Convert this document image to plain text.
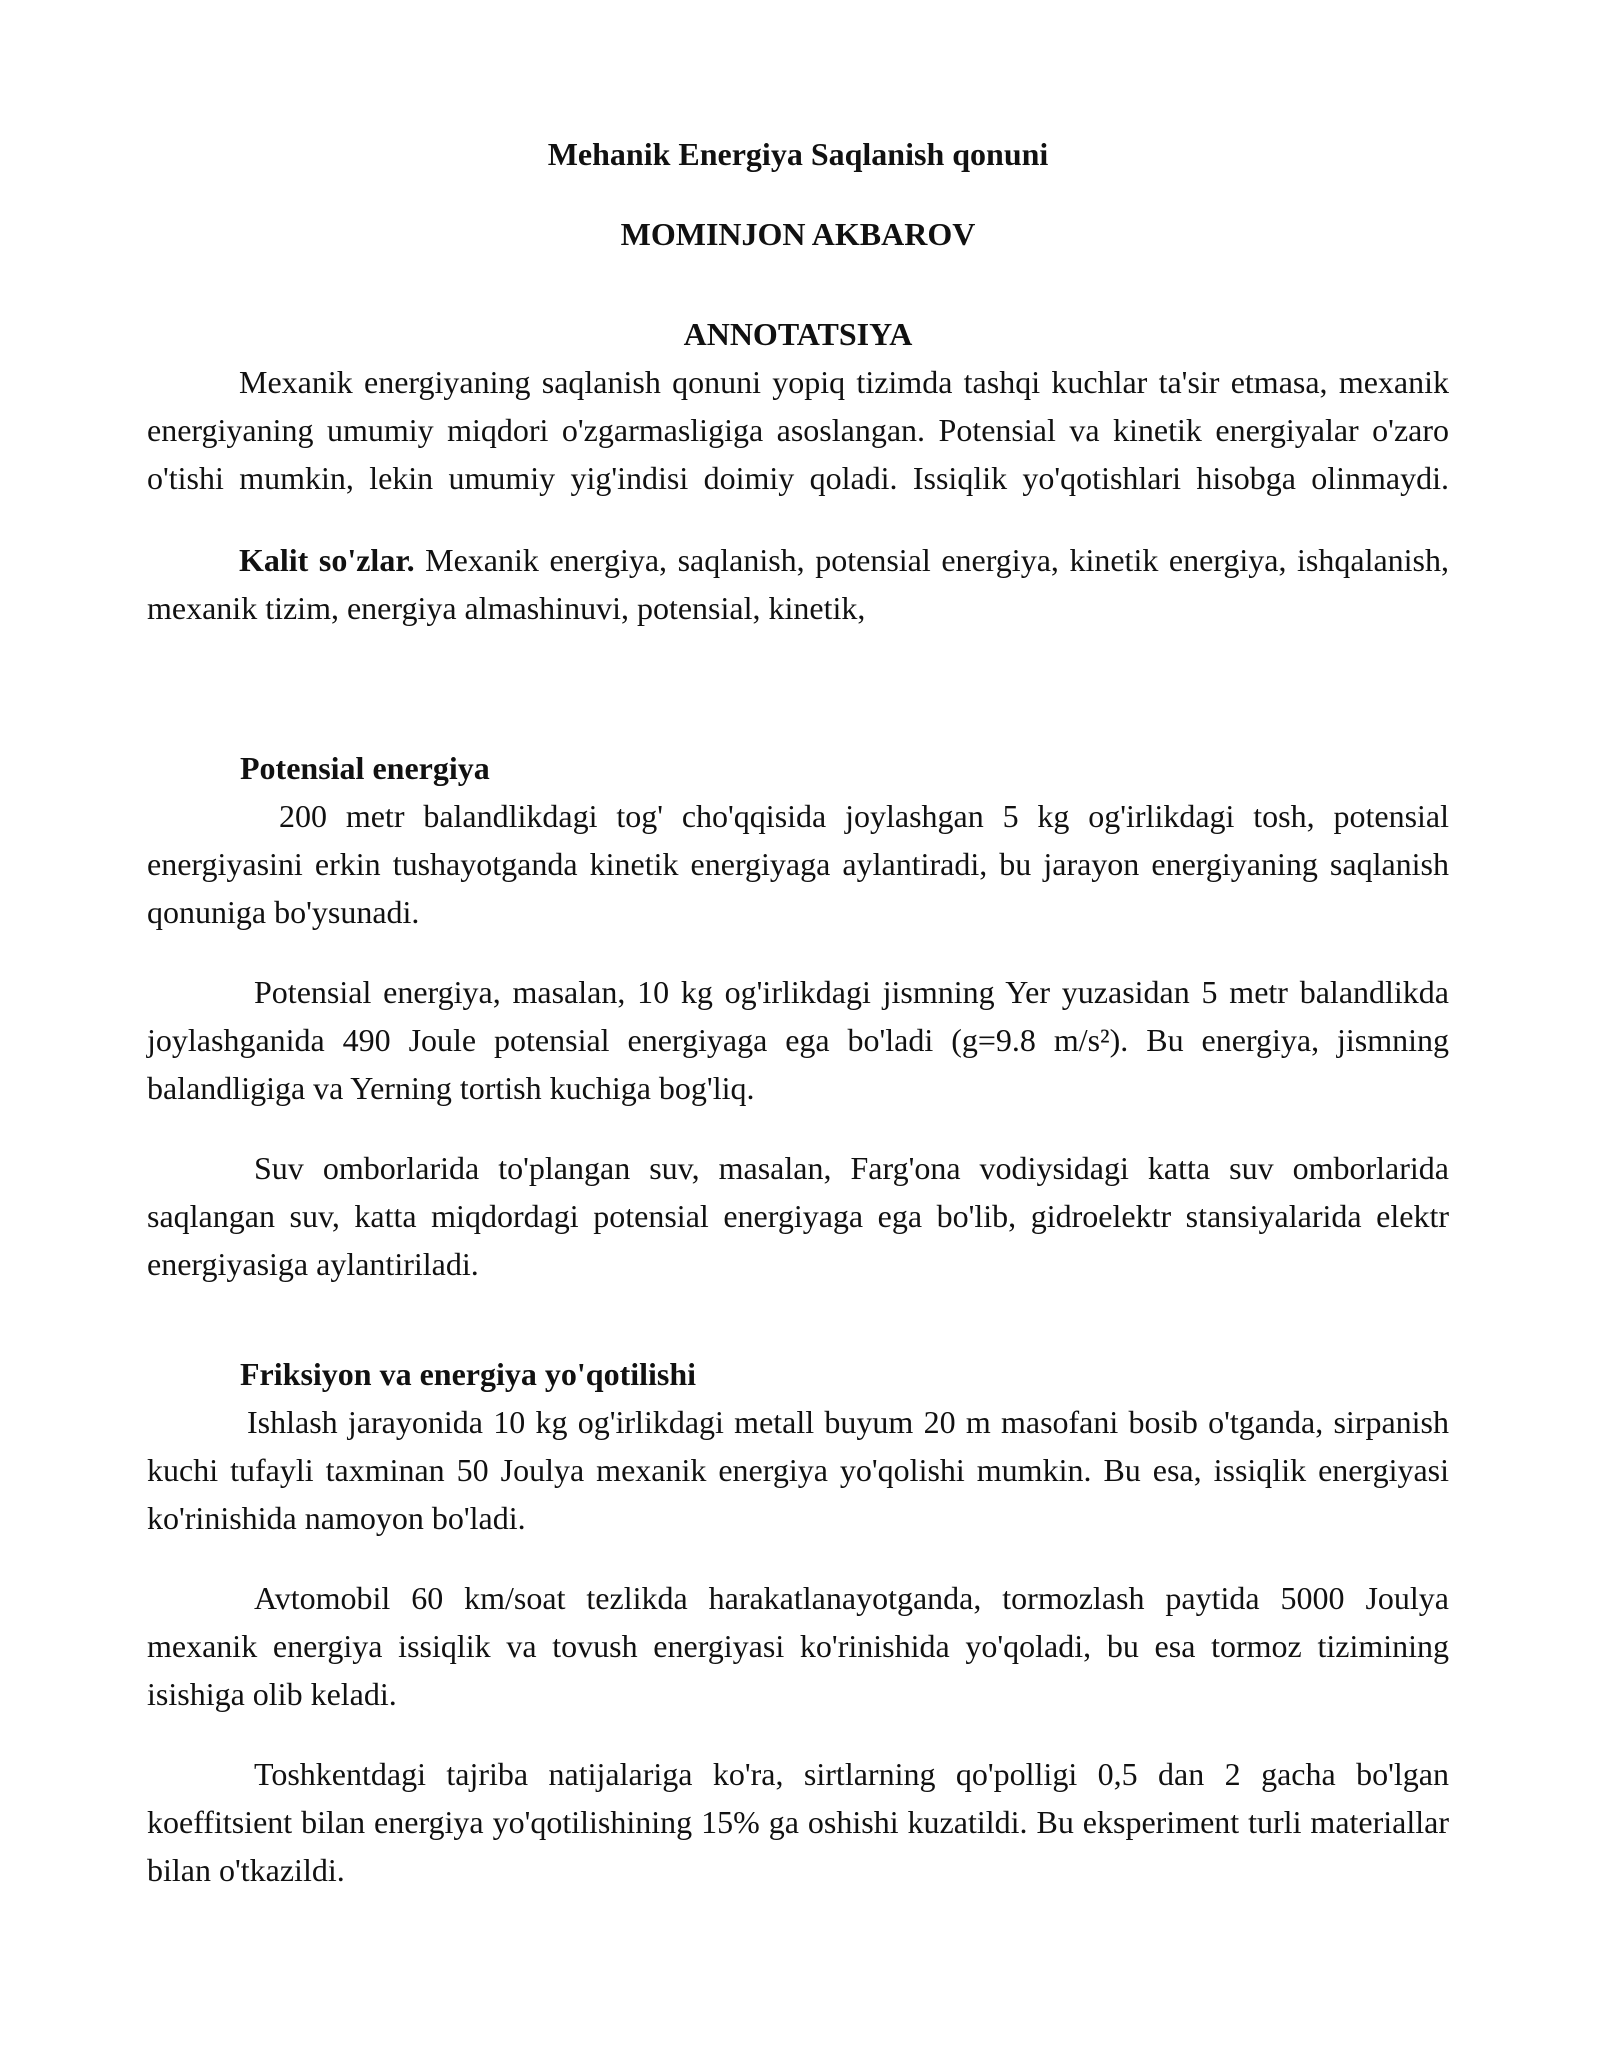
Mehanik Energiya Saqlanish qonuni
MOMINJON AKBAROV
ANNOTATSIYA

Mexanik energiyaning saqlanish qonuni yopiq tizimda tashqi kuchlar ta'sir etmasa, mexanik energiyaning umumiy miqdori o'zgarmasligiga asoslangan. Potensial va kinetik energiyalar o'zaro o'tishi mumkin, lekin umumiy yig'indisi doimiy qoladi. Issiqlik yo'qotishlari hisobga olinmaydi.

Kalit so'zlar. Mexanik energiya, saqlanish, potensial energiya, kinetik energiya, ishqalanish, mexanik tizim, energiya almashinuvi, potensial, kinetik,

Potensial energiya

200 metr balandlikdagi tog' cho'qqisida joylashgan 5 kg og'irlikdagi tosh, potensial energiyasini erkin tushayotganda kinetik energiyaga aylantiradi, bu jarayon energiyaning saqlanish qonuniga bo'ysunadi.

Potensial energiya, masalan, 10 kg og'irlikdagi jismning Yer yuzasidan 5 metr balandlikda joylashganida 490 Joule potensial energiyaga ega bo'ladi (g=9.8 m/s²). Bu energiya, jismning balandligiga va Yerning tortish kuchiga bog'liq.

Suv omborlarida to'plangan suv, masalan, Farg'ona vodiysidagi katta suv omborlarida saqlangan suv, katta miqdordagi potensial energiyaga ega bo'lib, gidroelektr stansiyalarida elektr energiyasiga aylantiriladi.

Friksiyon va energiya yo'qotilishi

Ishlash jarayonida 10 kg og'irlikdagi metall buyum 20 m masofani bosib o'tganda, sirpanish kuchi tufayli taxminan 50 Joulya mexanik energiya yo'qolishi mumkin. Bu esa, issiqlik energiyasi ko'rinishida namoyon bo'ladi.

Avtomobil 60 km/soat tezlikda harakatlanayotganda, tormozlash paytida 5000 Joulya mexanik energiya issiqlik va tovush energiyasi ko'rinishida yo'qoladi, bu esa tormoz tizimining isishiga olib keladi.

Toshkentdagi tajriba natijalariga ko'ra, sirtlarning qo'polligi 0,5 dan 2 gacha bo'lgan koeffitsient bilan energiya yo'qotilishining 15% ga oshishi kuzatildi. Bu eksperiment turli materiallar bilan o'tkazildi.
